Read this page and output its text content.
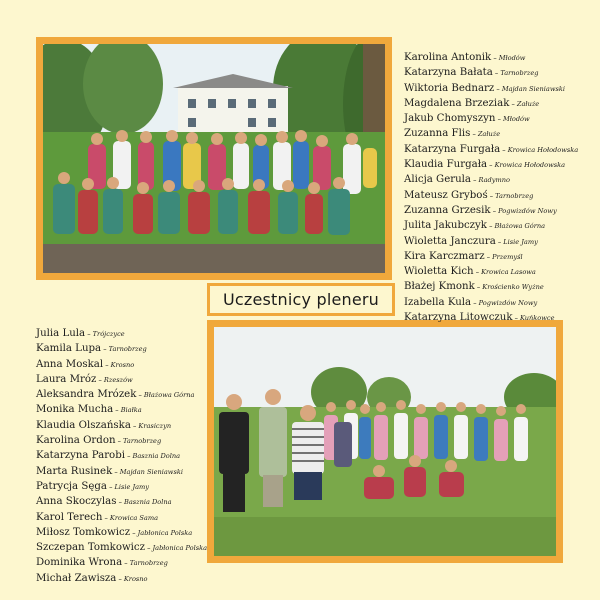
Uczestnicy pleneru
Karolina Antonik – Młodów
Katarzyna Bałata – Tarnobrzeg
Wiktoria Bednarz – Majdan Sieniawski
Magdalena Brzeziak – Załuże
Jakub Chomyszyn – Młodów
Zuzanna Flis – Załuże
Katarzyna Furgała – Krowica Hołodowska
Klaudia Furgała – Krowica Hołodowska
Alicja Gerula – Radymno
Mateusz Gryboś – Tarnobrzeg
Zuzanna Grzesik – Pogwizdów Nowy
Julita Jakubczyk – Błażowa Górna
Wioletta Janczura – Lisie Jamy
Kira Karczmarz – Przemyśl
Wioletta Kich – Krowica Lasowa
Błażej Kmonk – Krościenko Wyżne
Izabella Kula – Pogwizdów Nowy
Katarzyna Litowczuk – Kuńkowce
Julia Lula – Trójczyce
Kamila Lupa – Tarnobrzeg
Anna Moskal – Krosno
Laura Mróz – Rzeszów
Aleksandra Mrózek – Błażowa Górna
Monika Mucha – Białka
Klaudia Olszańska – Krasiczyn
Karolina Ordon – Tarnobrzeg
Katarzyna Parobi – Basznia Dolna
Marta Rusinek – Majdan Sieniawski
Patrycja Sęga – Lisie Jamy
Anna Skoczylas – Basznia Dolna
Karol Terech – Krowica Sama
Miłosz Tomkowicz – Jabłonica Polska
Szczepan Tomkowicz – Jabłonica Polska
Dominika Wrona – Tarnobrzeg
Michał Zawisza – Krosno
